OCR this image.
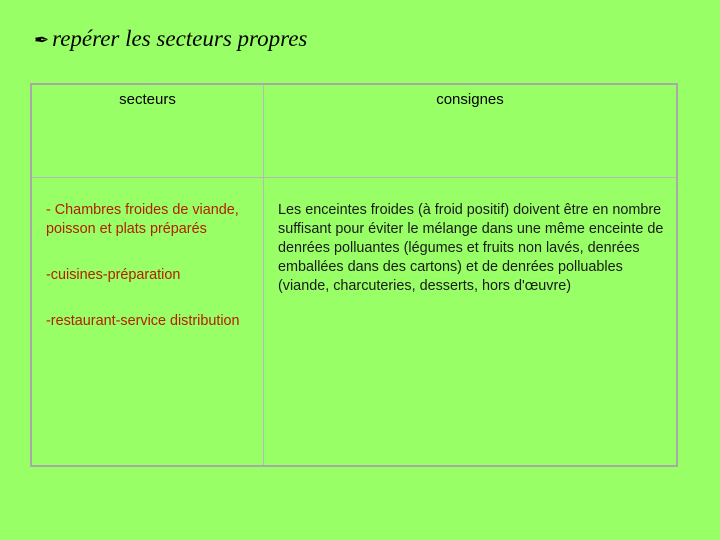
✒ repérer les secteurs propres
secteurs	consignes

- Chambres froides de viande, poisson et plats préparés

-cuisines-préparation

-restaurant-service distribution

Les enceintes froides (à froid positif) doivent être en nombre suffisant pour éviter le mélange dans une même enceinte de denrées polluantes (légumes et fruits non lavés, denrées emballées dans des cartons) et de denrées polluables (viande, charcuteries, desserts, hors d'œuvre)
